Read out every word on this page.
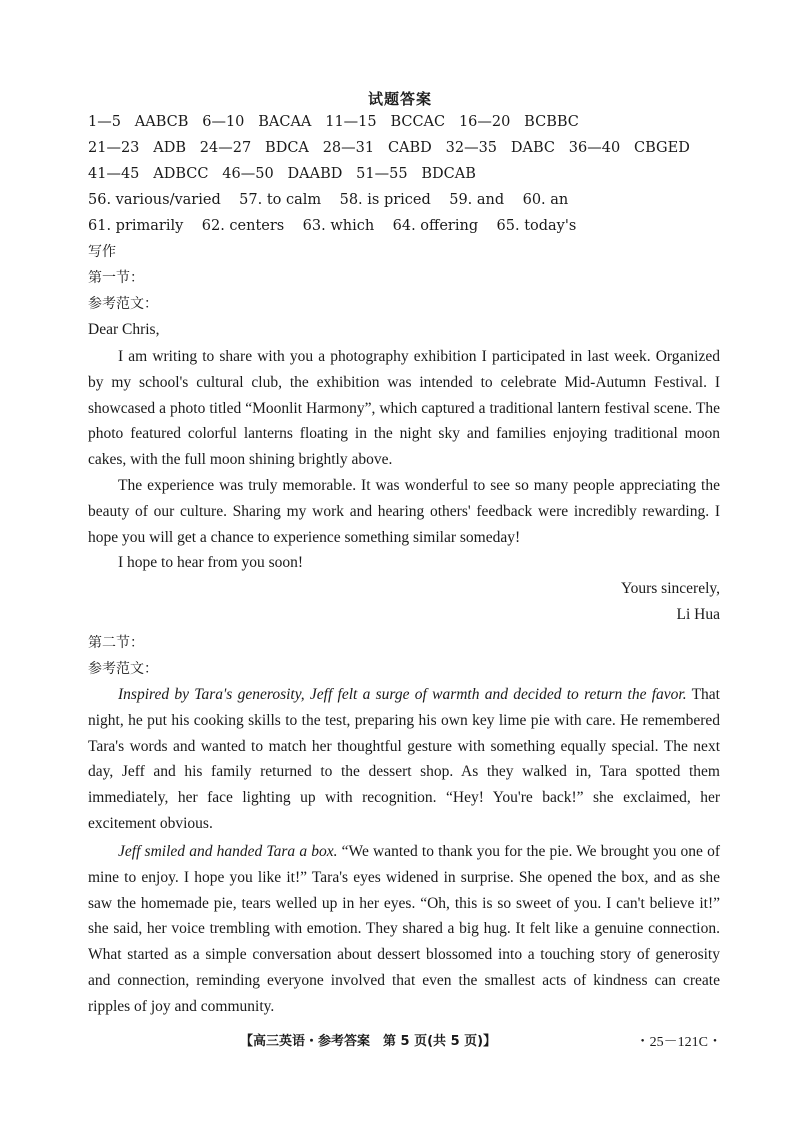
试题答案
1—5   AABCB   6—10   BACAA   11—15   BCCAC   16—20   BCBBC
21—23   ADB   24—27   BDCA   28—31   CABD   32—35   DABC   36—40   CBGED
41—45   ADBCC   46—50   DAABD   51—55   BDCAB
56. various/varied    57. to calm    58. is priced    59. and    60. an
61. primarily    62. centers    63. which    64. offering    65. today's
写作
第一节：
参考范文：
Dear Chris,

I am writing to share with you a photography exhibition I participated in last week. Organized by my school's cultural club, the exhibition was intended to celebrate Mid-Autumn Festival. I showcased a photo titled “Moonlit Harmony”, which captured a traditional lantern festival scene. The photo featured colorful lanterns floating in the night sky and families enjoying traditional moon cakes, with the full moon shining brightly above.

The experience was truly memorable. It was wonderful to see so many people appreciating the beauty of our culture. Sharing my work and hearing others' feedback were incredibly rewarding. I hope you will get a chance to experience something similar someday!

I hope to hear from you soon!

Yours sincerely,
Li Hua
第二节：
参考范文：

Inspired by Tara's generosity, Jeff felt a surge of warmth and decided to return the favor. That night, he put his cooking skills to the test, preparing his own key lime pie with care. He remembered Tara's words and wanted to match her thoughtful gesture with something equally special. The next day, Jeff and his family returned to the dessert shop. As they walked in, Tara spotted them immediately, her face lighting up with recognition. “Hey! You're back!” she exclaimed, her excitement obvious.

Jeff smiled and handed Tara a box. “We wanted to thank you for the pie. We brought you one of mine to enjoy. I hope you like it!” Tara's eyes widened in surprise. She opened the box, and as she saw the homemade pie, tears welled up in her eyes. “Oh, this is so sweet of you. I can't believe it!” she said, her voice trembling with emotion. They shared a big hug. It felt like a genuine connection. What started as a simple conversation about dessert blossomed into a touching story of generosity and connection, reminding everyone involved that even the smallest acts of kindness can create ripples of joy and community.

【高三英语・参考答案　第 5 页(共 5 页)】	・25－121C・
